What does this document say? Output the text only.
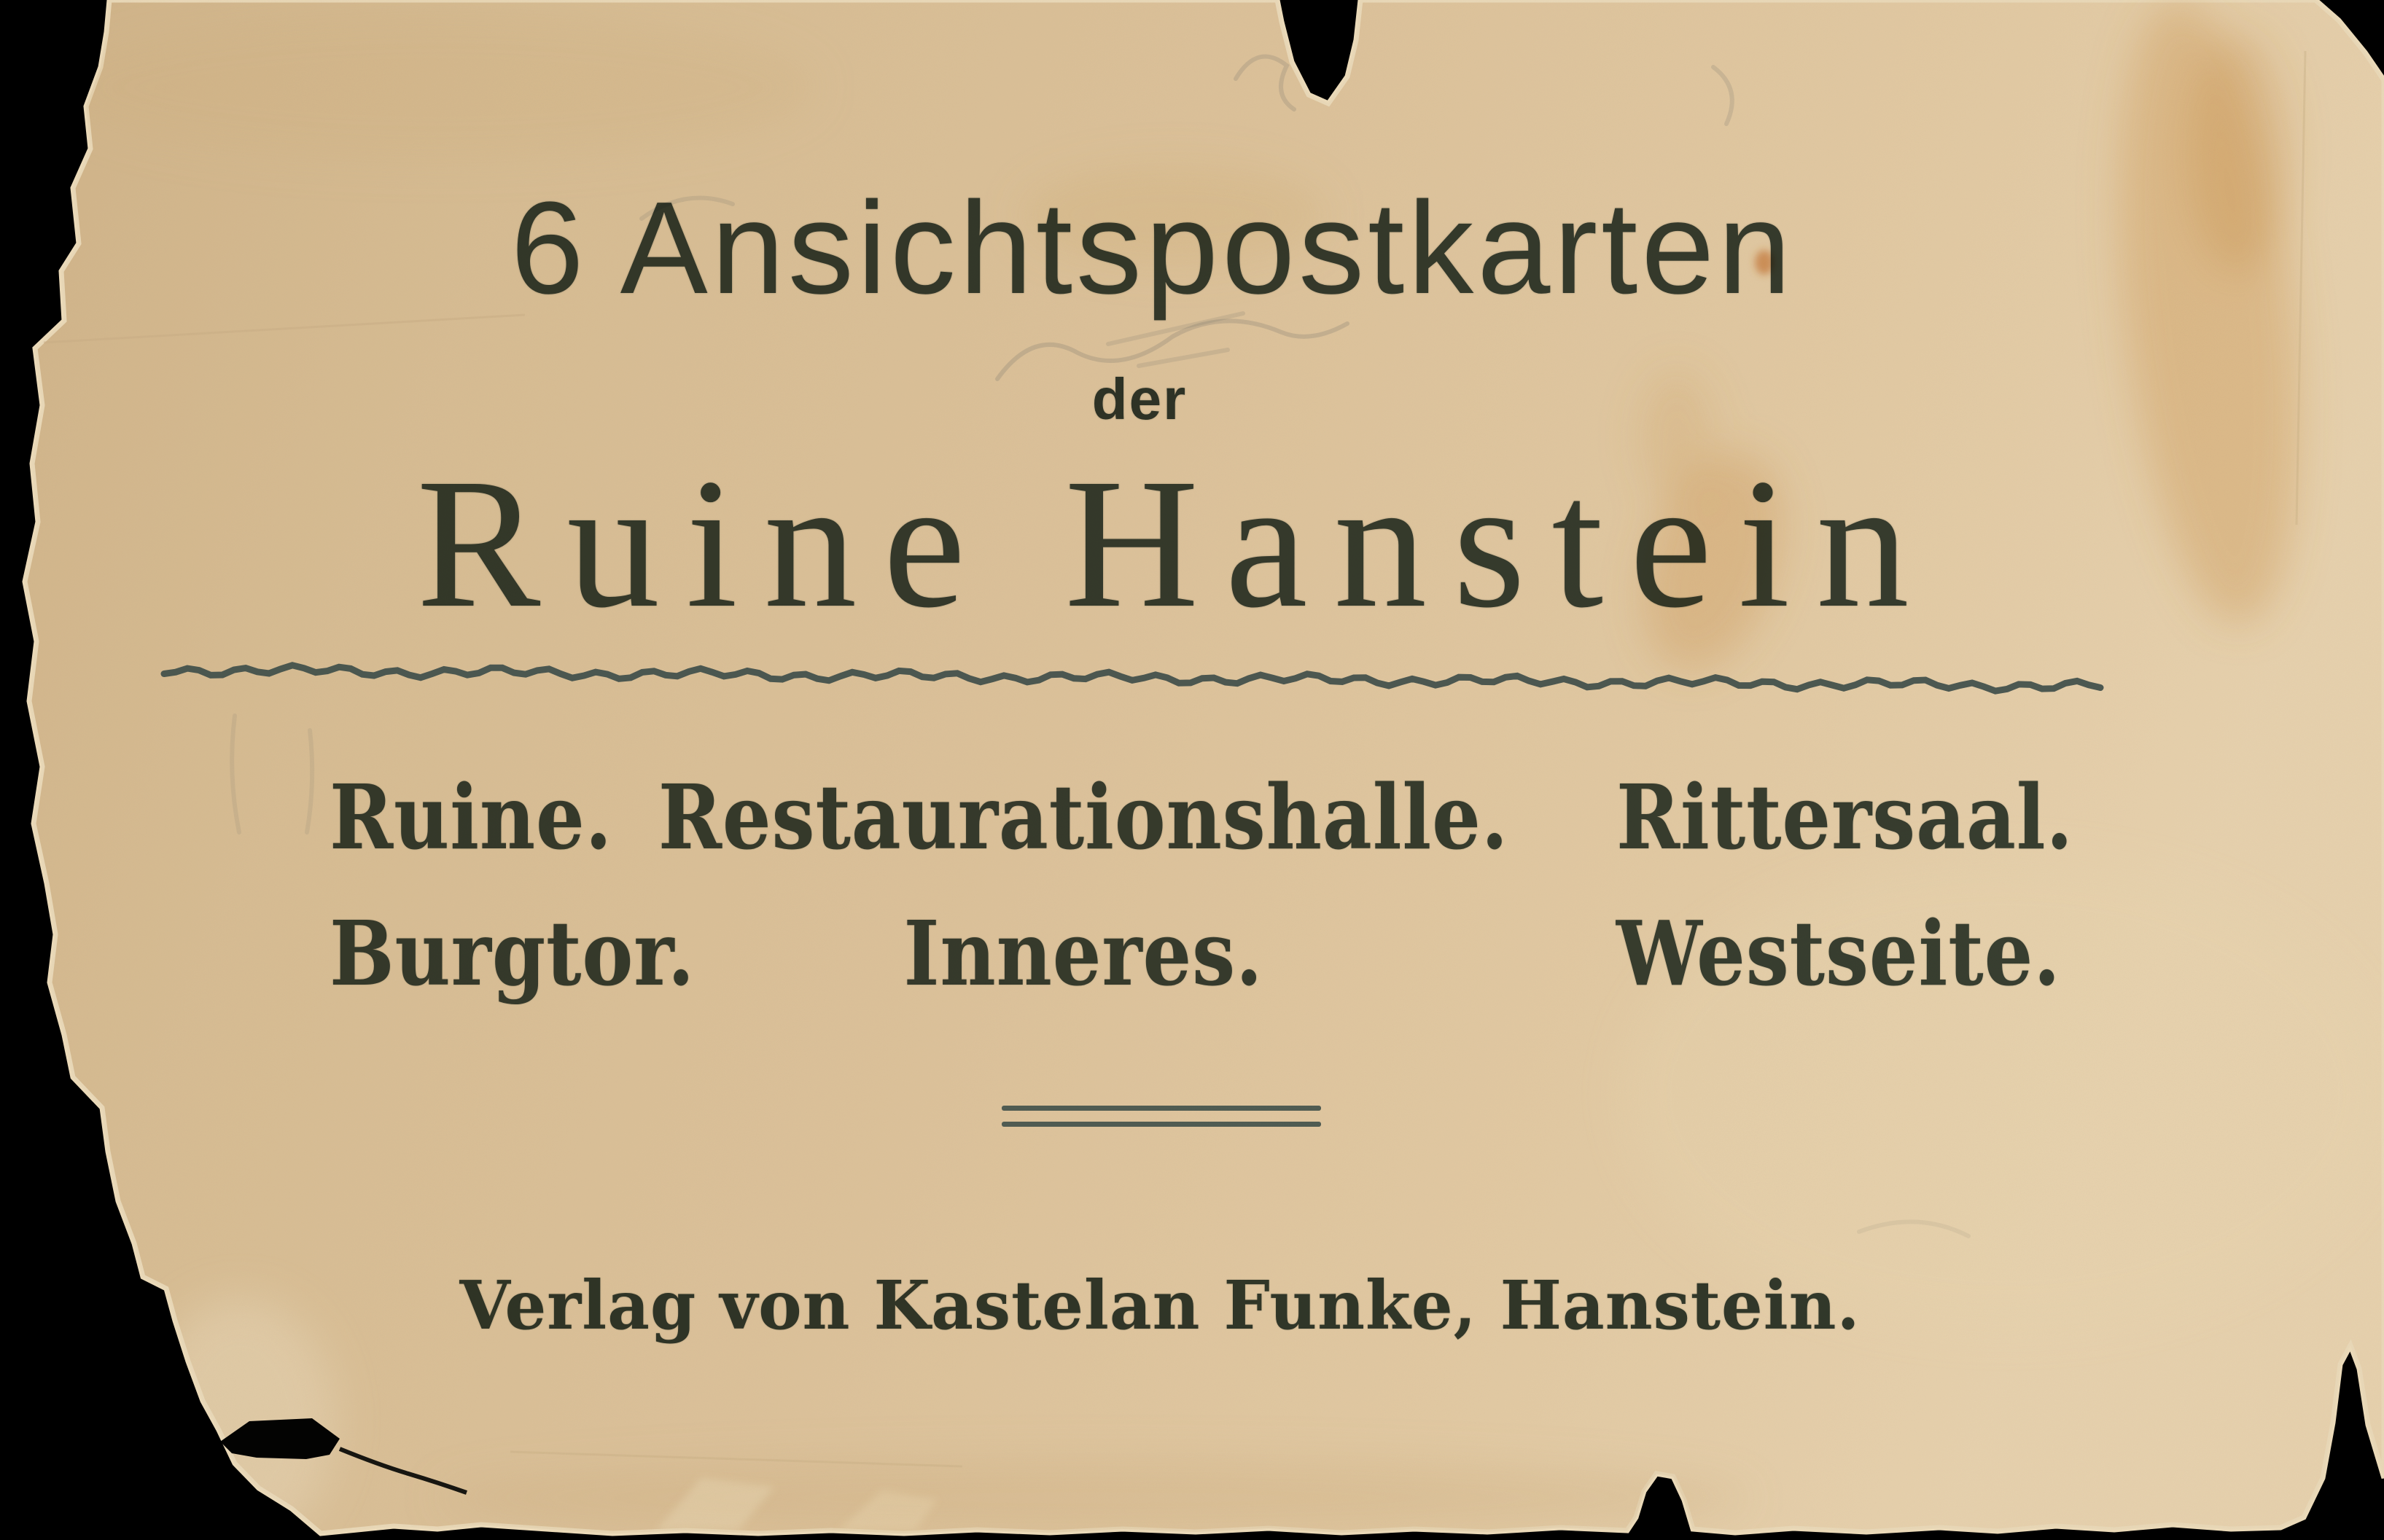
6 Ansichtspostkarten
der
Ruine Hanstein
Ruine. Restaurationshalle. Rittersaal.
Burgtor. Inneres.	Westseite.
Verlag von Kastelan Funke, Hanstein.
